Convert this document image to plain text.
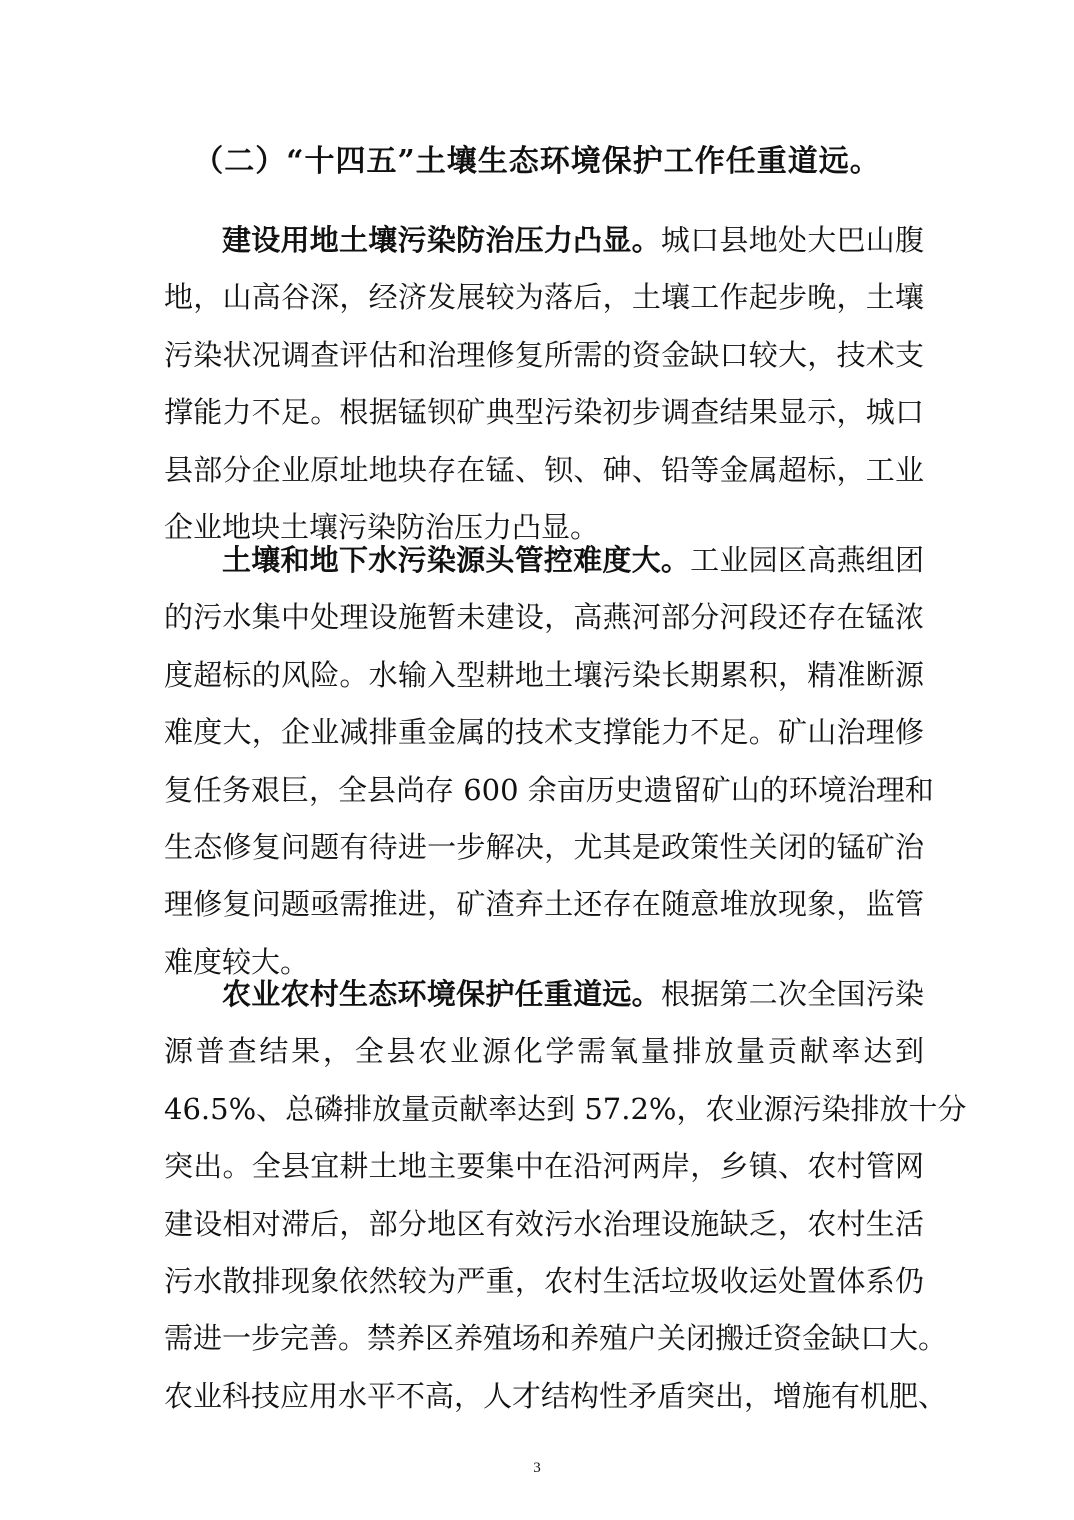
（二）“十四五”土壤生态环境保护工作任重道远。
建设用地土壤污染防治压力凸显。城口县地处大巴山腹
地，山高谷深，经济发展较为落后，土壤工作起步晚，土壤
污染状况调查评估和治理修复所需的资金缺口较大，技术支
撑能力不足。根据锰钡矿典型污染初步调查结果显示，城口
县部分企业原址地块存在锰、钡、砷、铅等金属超标，工业
企业地块土壤污染防治压力凸显。
土壤和地下水污染源头管控难度大。工业园区高燕组团
的污水集中处理设施暂未建设，高燕河部分河段还存在锰浓
度超标的风险。水输入型耕地土壤污染长期累积，精准断源
难度大，企业减排重金属的技术支撑能力不足。矿山治理修
复任务艰巨，全县尚存 600 余亩历史遗留矿山的环境治理和
生态修复问题有待进一步解决，尤其是政策性关闭的锰矿治
理修复问题亟需推进，矿渣弃土还存在随意堆放现象，监管
难度较大。
农业农村生态环境保护任重道远。根据第二次全国污染
源普查结果，全县农业源化学需氧量排放量贡献率达到
46.5%、总磷排放量贡献率达到 57.2%，农业源污染排放十分
突出。全县宜耕土地主要集中在沿河两岸，乡镇、农村管网
建设相对滞后，部分地区有效污水治理设施缺乏，农村生活
污水散排现象依然较为严重，农村生活垃圾收运处置体系仍
需进一步完善。禁养区养殖场和养殖户关闭搬迁资金缺口大。
农业科技应用水平不高，人才结构性矛盾突出，增施有机肥、
3
